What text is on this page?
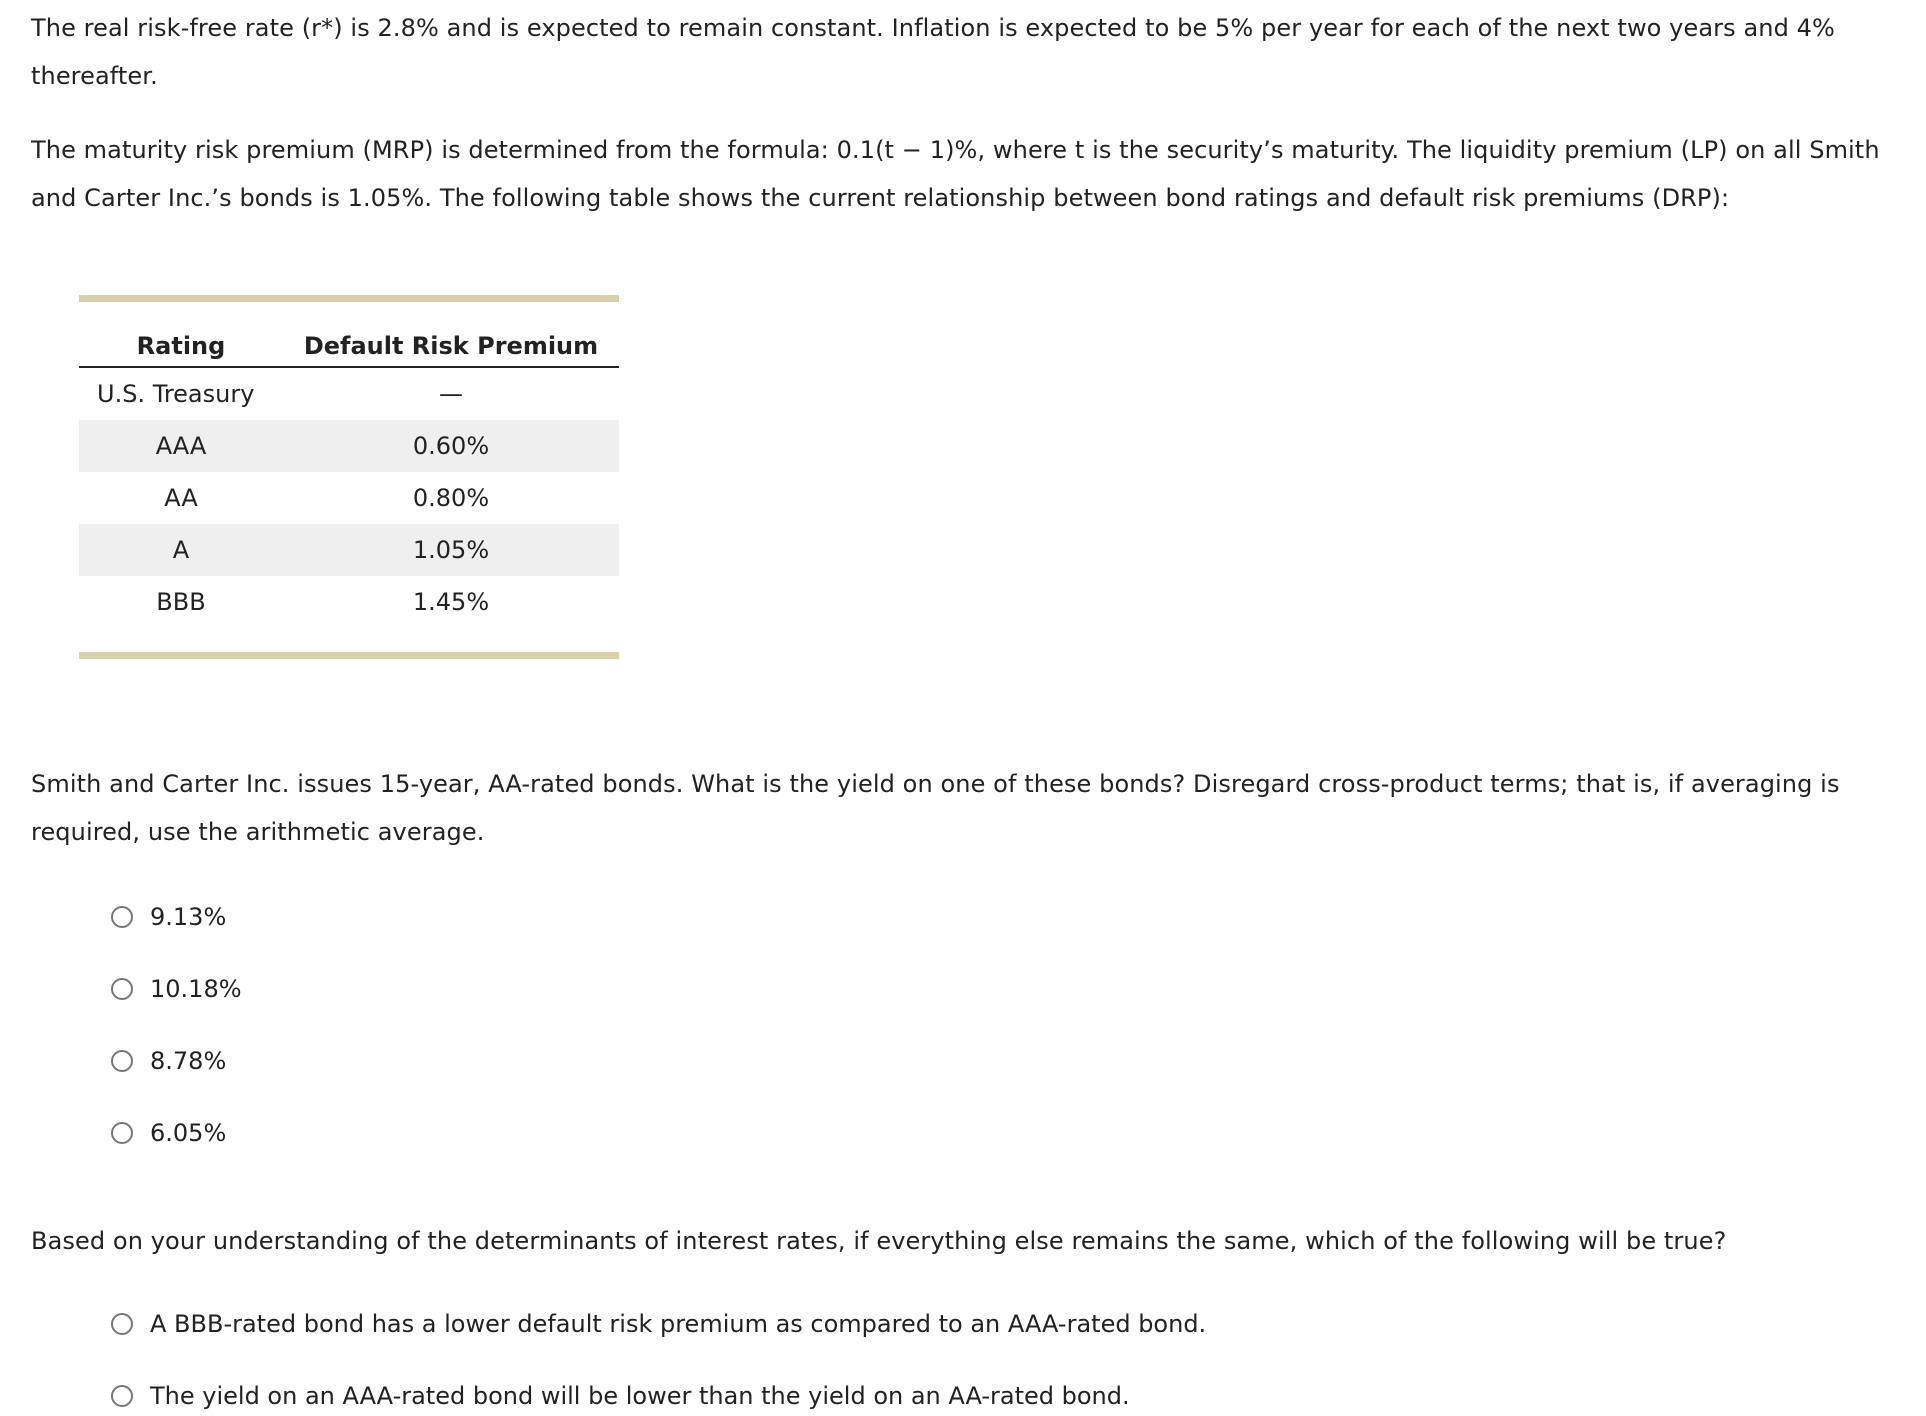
The real risk-free rate (r*) is 2.8% and is expected to remain constant. Inflation is expected to be 5% per year for each of the next two years and 4% thereafter.

The maturity risk premium (MRP) is determined from the formula: 0.1(t − 1)%, where t is the security’s maturity. The liquidity premium (LP) on all Smith and Carter Inc.’s bonds is 1.05%. The following table shows the current relationship between bond ratings and default risk premiums (DRP):

Rating	Default Risk Premium
U.S. Treasury	—
AAA	0.60%
AA	0.80%
A	1.05%
BBB	1.45%

Smith and Carter Inc. issues 15-year, AA-rated bonds. What is the yield on one of these bonds? Disregard cross-product terms; that is, if averaging is required, use the arithmetic average.

9.13%
10.18%
8.78%
6.05%

Based on your understanding of the determinants of interest rates, if everything else remains the same, which of the following will be true?

A BBB-rated bond has a lower default risk premium as compared to an AAA-rated bond.
The yield on an AAA-rated bond will be lower than the yield on an AA-rated bond.
